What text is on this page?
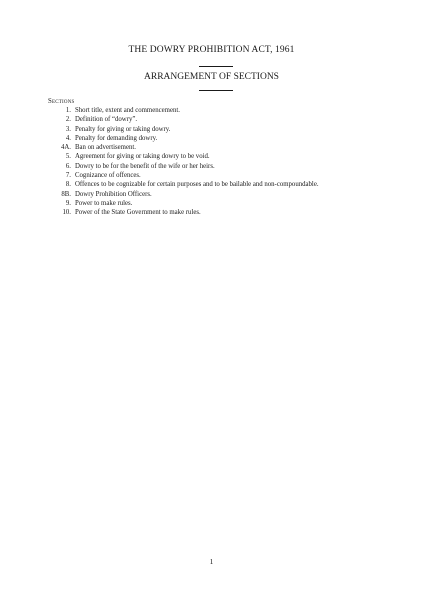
THE DOWRY PROHIBITION ACT, 1961
ARRANGEMENT OF SECTIONS
Sections
1. Short title, extent and commencement.
2. Definition of “dowry”.
3. Penalty for giving or taking dowry.
4. Penalty for demanding dowry.
4A. Ban on advertisement.
5. Agreement for giving or taking dowry to be void.
6. Dowry to be for the benefit of the wife or her heirs.
7. Cognizance of offences.
8. Offences to be cognizable for certain purposes and to be bailable and non-compoundable.
8B. Dowry Prohibition Officers.
9. Power to make rules.
10. Power of the State Government to make rules.
1
